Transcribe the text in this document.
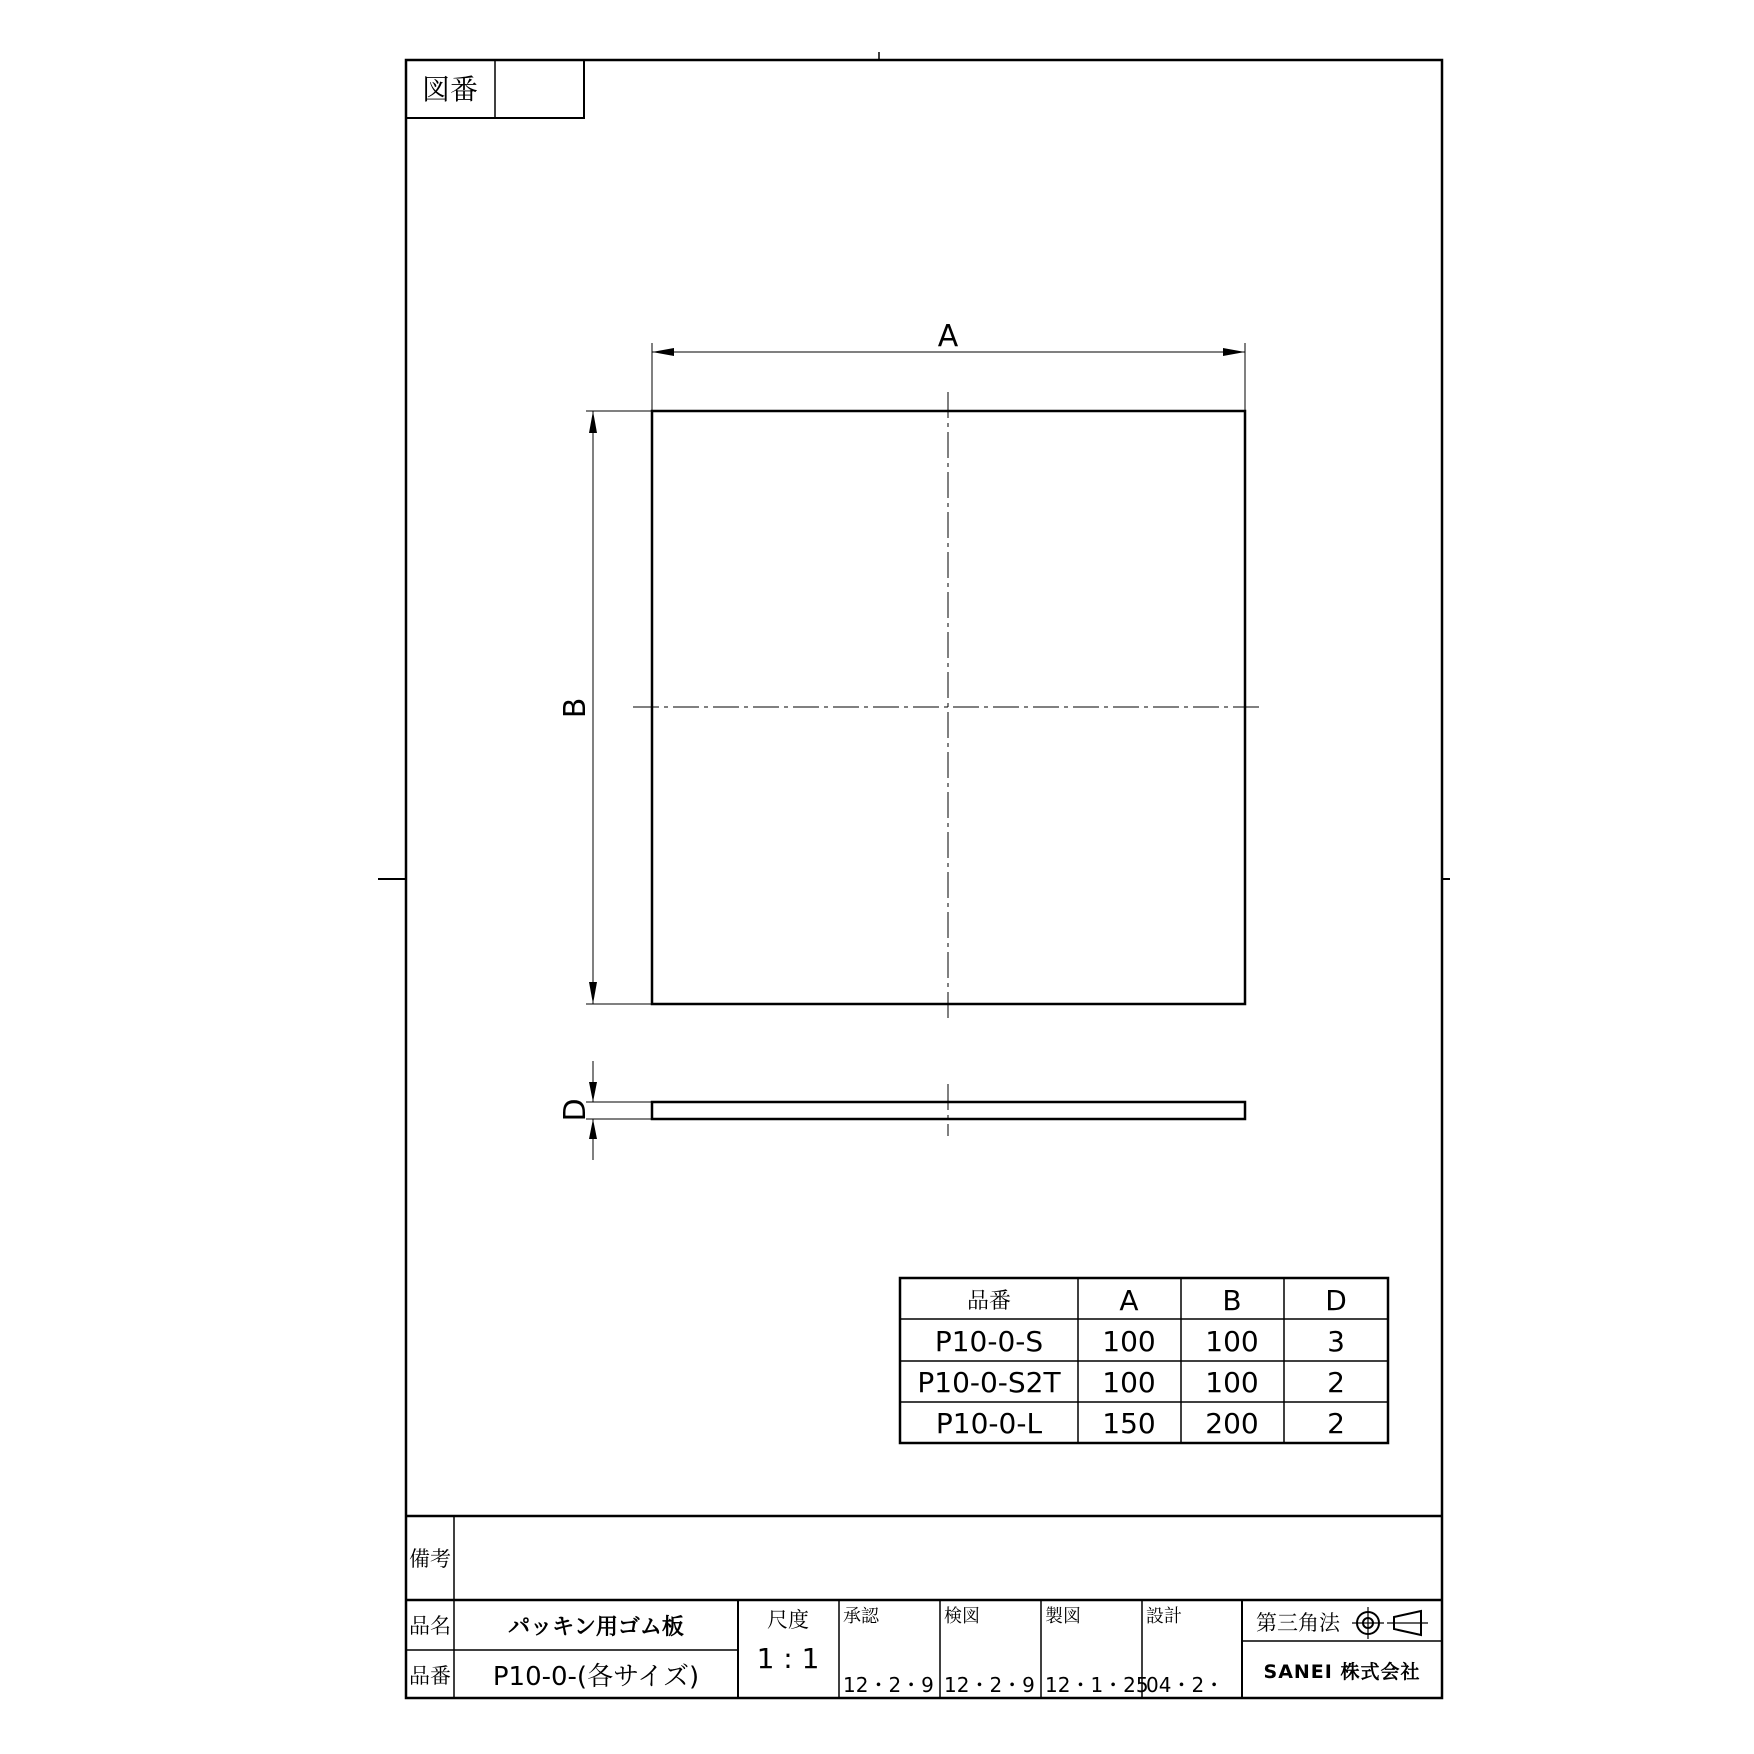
図番
A
B
D
品番	A	B	D
P10-0-S 100 100 3
P10-0-S2T 100 100 2
P10-0-L 150 200 2
備考
品名	パッキン用ゴム板
品番 P10-0-(各サイズ)
尺度
1 : 1
承認
12・2・9
検図
12・2・9
製図
12・1・25
設計
04・2・
第三角法
SANEI 株式会社
